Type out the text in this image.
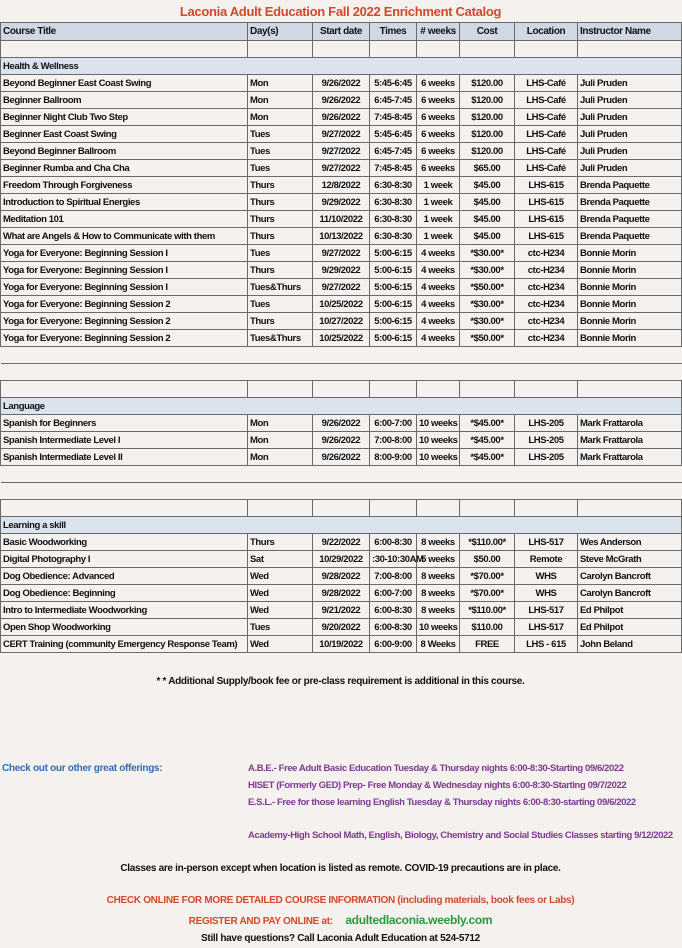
Laconia Adult Education Fall 2022 Enrichment Catalog
Course Title	Day(s)	Start date	Times	# weeks	Cost	Location	Instructor Name

Health & Wellness							
Beyond Beginner East Coast Swing	Mon	9/26/2022	5:45-6:45	6 weeks	$120.00	LHS-Café	Juli Pruden
Beginner Ballroom	Mon	9/26/2022	6:45-7:45	6 weeks	$120.00	LHS-Café	Juli Pruden
Beginner Night Club Two Step	Mon	9/26/2022	7:45-8:45	6 weeks	$120.00	LHS-Café	Juli Pruden
Beginner East Coast Swing	Tues	9/27/2022	5:45-6:45	6 weeks	$120.00	LHS-Café	Juli Pruden
Beyond Beginner Ballroom	Tues	9/27/2022	6:45-7:45	6 weeks	$120.00	LHS-Café	Juli Pruden
Beginner Rumba and Cha Cha	Tues	9/27/2022	7:45-8:45	6 weeks	$65.00	LHS-Café	Juli Pruden
Freedom Through Forgiveness	Thurs	12/8/2022	6:30-8:30	1 week	$45.00	LHS-615	Brenda Paquette
Introduction to Spiritual Energies	Thurs	9/29/2022	6:30-8:30	1 week	$45.00	LHS-615	Brenda Paquette
Meditation 101	Thurs	11/10/2022	6:30-8:30	1 week	$45.00	LHS-615	Brenda Paquette
What are Angels & How to Communicate with them	Thurs	10/13/2022	6:30-8:30	1 week	$45.00	LHS-615	Brenda Paquette
Yoga for Everyone: Beginning Session I	Tues	9/27/2022	5:00-6:15	4 weeks	*$30.00*	ctc-H234	Bonnie Morin
Yoga for Everyone: Beginning Session I	Thurs	9/29/2022	5:00-6:15	4 weeks	*$30.00*	ctc-H234	Bonnie Morin
Yoga for Everyone: Beginning Session I	Tues&Thurs	9/27/2022	5:00-6:15	4 weeks	*$50.00*	ctc-H234	Bonnie Morin
Yoga for Everyone: Beginning Session 2	Tues	10/25/2022	5:00-6:15	4 weeks	*$30.00*	ctc-H234	Bonnie Morin
Yoga for Everyone: Beginning Session 2	Thurs	10/27/2022	5:00-6:15	4 weeks	*$30.00*	ctc-H234	Bonnie Morin
Yoga for Everyone: Beginning Session 2	Tues&Thurs	10/25/2022	5:00-6:15	4 weeks	*$50.00*	ctc-H234	Bonnie Morin

Language							
Spanish for Beginners	Mon	9/26/2022	6:00-7:00	10 weeks	*$45.00*	LHS-205	Mark Frattarola
Spanish Intermediate Level I	Mon	9/26/2022	7:00-8:00	10 weeks	*$45.00*	LHS-205	Mark Frattarola
Spanish Intermediate Level II	Mon	9/26/2022	8:00-9:00	10 weeks	*$45.00*	LHS-205	Mark Frattarola

Learning a skill							
Basic Woodworking	Thurs	9/22/2022	6:00-8:30	8 weeks	*$110.00*	LHS-517	Wes Anderson
Digital Photography I	Sat	10/29/2022	:30-10:30AM	5 weeks	$50.00	Remote	Steve McGrath
Dog Obedience: Advanced	Wed	9/28/2022	7:00-8:00	8 weeks	*$70.00*	WHS	Carolyn Bancroft
Dog Obedience: Beginning	Wed	9/28/2022	6:00-7:00	8 weeks	*$70.00*	WHS	Carolyn Bancroft
Intro to Intermediate Woodworking	Wed	9/21/2022	6:00-8:30	8 weeks	*$110.00*	LHS-517	Ed Philpot
Open Shop Woodworking	Tues	9/20/2022	6:00-8:30	10 weeks	$110.00	LHS-517	Ed Philpot
CERT Training (community Emergency Response Team)	Wed	10/19/2022	6:00-9:00	8 Weeks	FREE	LHS - 615	John Beland
* * Additional Supply/book fee or pre-class requirement is additional in this course.
Check out our other great offerings:	A.B.E.- Free Adult Basic Education Tuesday & Thursday nights 6:00-8:30-Starting 09/6/2022
HISET (Formerly GED) Prep- Free Monday & Wednesday nights 6:00-8:30-Starting 09/7/2022
E.S.L.- Free for those learning English Tuesday & Thursday nights 6:00-8:30-starting 09/6/2022
Academy-High School Math, English, Biology, Chemistry and Social Studies Classes starting 9/12/2022
Classes are in-person except when location is listed as remote. COVID-19 precautions are in place.
CHECK ONLINE FOR MORE DETAILED COURSE INFORMATION (including materials, book fees or Labs)
REGISTER AND PAY ONLINE at: adultedlaconia.weebly.com
Still have questions? Call Laconia Adult Education at 524-5712
